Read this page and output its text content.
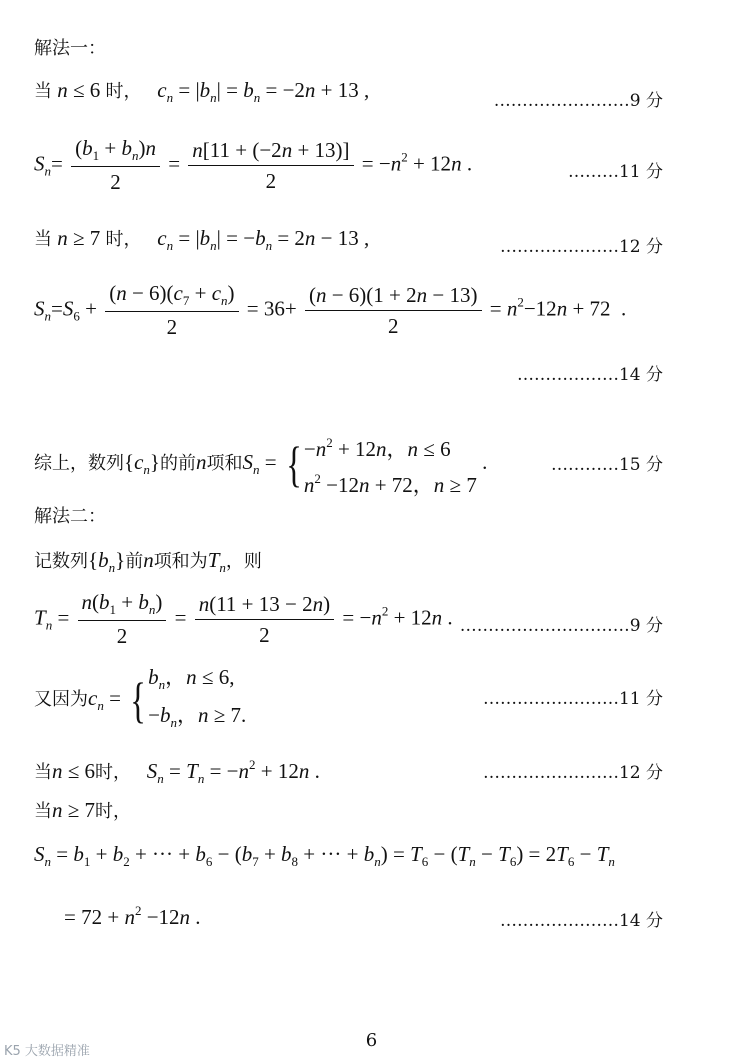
解法一：
当 n ≤ 6 时， $c_n = |b_n| = b_n = -2n + 13$ ,	……………………9 分
$S_n= \frac{(b_1 + b_n)n}{2} = \frac{n[11 + (-2n + 13)]}{2} = -n^2 + 12n$ .	………11 分
当 n ≥ 7 时， $c_n = |b_n| = -b_n = 2n - 13$ ,	…………………12 分
$S_n=S_6 + \frac{(n - 6)(c_7 + c_n)}{2} = 36+ \frac{(n - 6)(1 + 2n - 13)}{2} = n^2-12n + 72$  .
………………14 分
综上，数列$\{c_n\}$的前n项和$S_n$ = { $-n^2 + 12n$，n ≤ 6
$n^2 -12n + 72$，n ≥ 7
.	…………15 分
解法二：
记数列$\{b_n\}$前n项和为$T_n$，则
$T_n = \frac{n(b_1 + b_n)}{2} = \frac{n(11 + 13 - 2n)}{2} = -n^2 + 12n$ . …………………………9 分
又因为$c_n$ = { $b_n$，n ≤ 6,
$-b_n$，n ≥ 7.
……………………11 分
当n ≤ 6时， $S_n = T_n = -n^2 + 12n$ .	……………………12 分
当n ≥ 7时，
$S_n = b_1 + b_2$ + ··· + $b_6 - (b_7 + b_8$ + ··· + $b_n) = T_6 - (T_n - T_6) = 2T_6 - T_n$
= $72 + n^2 -12n$ .	…………………14 分
6
K5 大数据精准
